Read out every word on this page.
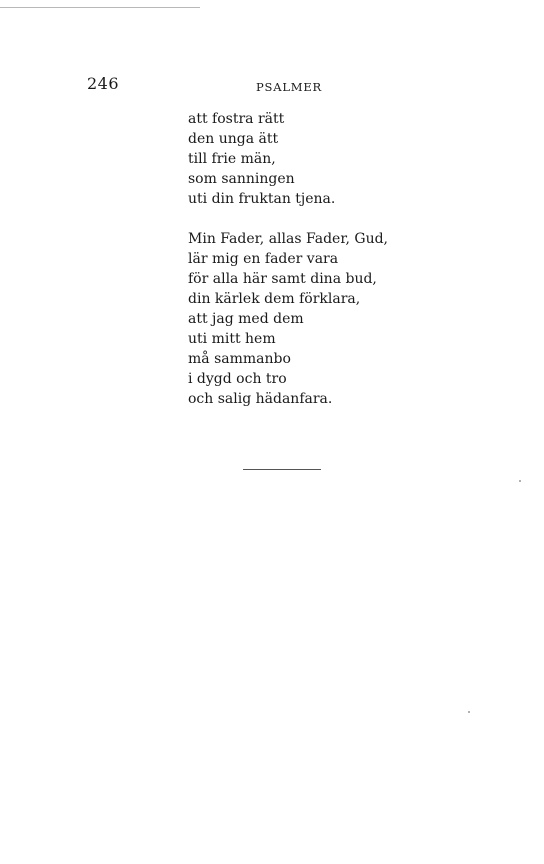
246	PSALMER
att fostra rätt
den unga ätt
till frie män,
som sanningen
uti din fruktan tjena.
Min Fader, allas Fader, Gud,
lär mig en fader vara
för alla här samt dina bud,
din kärlek dem förklara,
att jag med dem
uti mitt hem
må sammanbo
i dygd och tro
och salig hädanfara.
